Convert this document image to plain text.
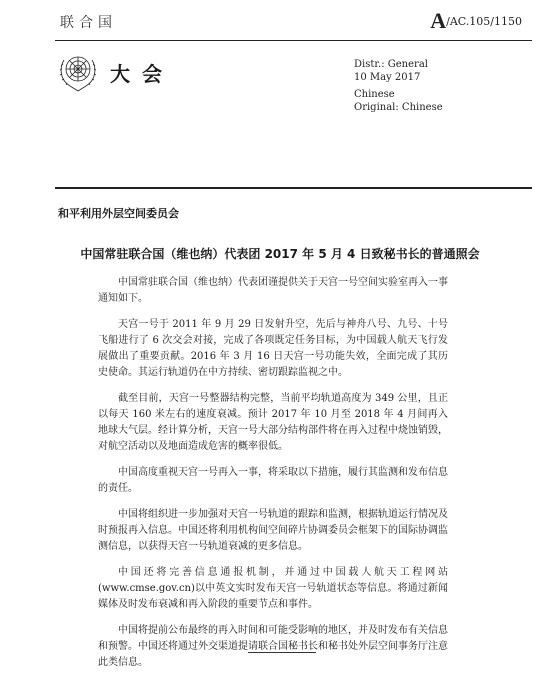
联合国	A/AC.105/1150
大会	Distr.: General
10 May 2017
Chinese
Original: Chinese
和平利用外层空间委员会
中国常驻联合国（维也纳）代表团 2017 年 5 月 4 日致秘书长的普通照会

中国常驻联合国（维也纳）代表团谨提供关于天宫一号空间实验室再入一事通知如下。

天宫一号于 2011 年 9 月 29 日发射升空，先后与神舟八号、九号、十号飞船进行了 6 次交会对接，完成了各项既定任务目标，为中国载人航天飞行发展做出了重要贡献。2016 年 3 月 16 日天宫一号功能失效，全面完成了其历史使命。其运行轨道仍在中方持续、密切跟踪监视之中。

截至目前，天宫一号整器结构完整，当前平均轨道高度为 349 公里，且正以每天 160 米左右的速度衰减。预计 2017 年 10 月至 2018 年 4 月间再入地球大气层。经计算分析，天宫一号大部分结构部件将在再入过程中烧蚀销毁，对航空活动以及地面造成危害的概率很低。

中国高度重视天宫一号再入一事，将采取以下措施，履行其监测和发布信息的责任。

中国将组织进一步加强对天宫一号轨道的跟踪和监测，根据轨道运行情况及时预报再入信息。中国还将利用机构间空间碎片协调委员会框架下的国际协调监测信息，以获得天宫一号轨道衰减的更多信息。

中国还将完善信息通报机制，并通过中国载人航天工程网站(www.cmse.gov.cn)以中英文实时发布天宫一号轨道状态等信息。将通过新闻媒体及时发布衰减和再入阶段的重要节点和事件。

中国将提前公布最终的再入时间和可能受影响的地区，并及时发布有关信息和预警。中国还将通过外交渠道提请联合国秘书长和秘书处外层空间事务厅注意此类信息。
